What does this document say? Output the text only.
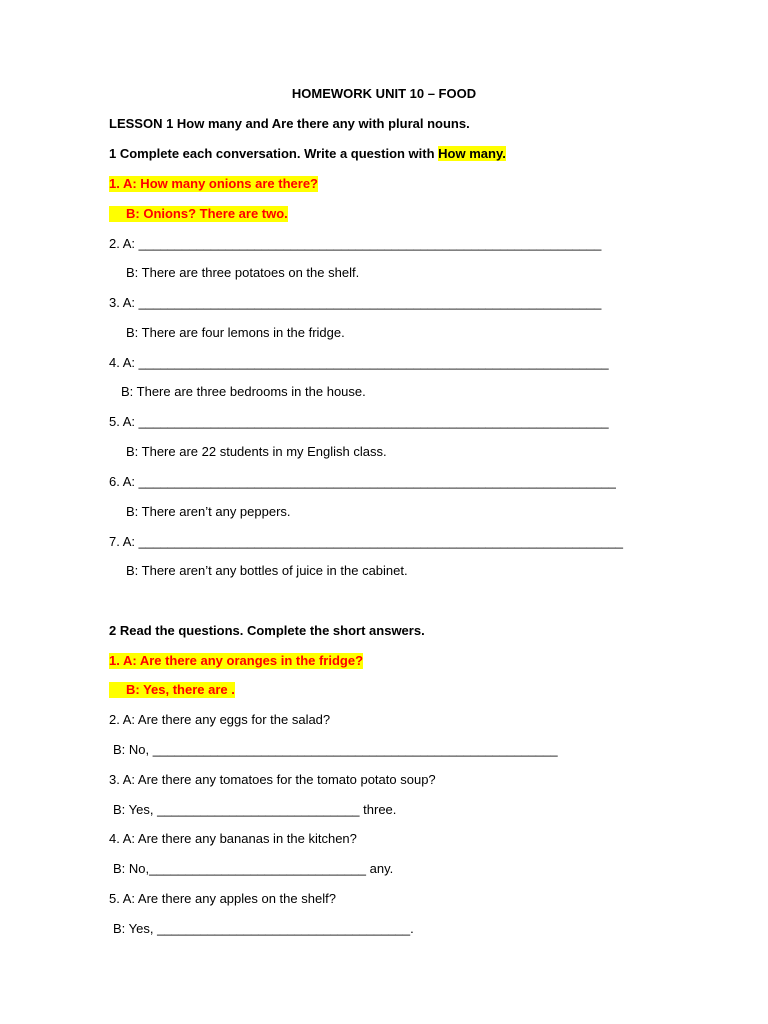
HOMEWORK UNIT 10 – FOOD
LESSON 1 How many and Are there any with plural nouns.
1 Complete each conversation. Write a question with How many.
1. A: How many onions are there?
B: Onions? There are two.
2. A: ________________________________________________________________
B: There are three potatoes on the shelf.
3. A: ________________________________________________________________
B: There are four lemons in the fridge.
4. A: _________________________________________________________________
B: There are three bedrooms in the house.
5. A: _________________________________________________________________
B: There are 22 students in my English class.
6. A: __________________________________________________________________
B: There aren’t any peppers.
7. A: ___________________________________________________________________
B: There aren’t any bottles of juice in the cabinet.
2 Read the questions. Complete the short answers.
1. A: Are there any oranges in the fridge?
B: Yes, there are .
2. A: Are there any eggs for the salad?
B: No, ________________________________________________________
3. A: Are there any tomatoes for the tomato potato soup?
B: Yes, ____________________________ three.
4. A: Are there any bananas in the kitchen?
B: No,______________________________ any.
5. A: Are there any apples on the shelf?
B: Yes, ___________________________________.
